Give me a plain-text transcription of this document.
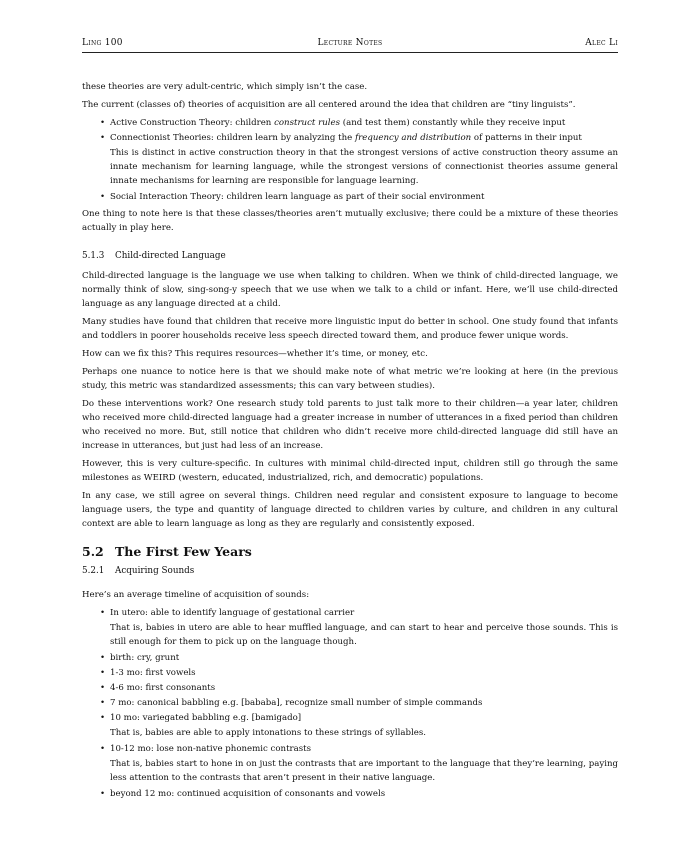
Ling 100	Lecture Notes	Alec Li

these theories are very adult-centric, which simply isn’t the case.

The current (classes of) theories of acquisition are all centered around the idea that children are “tiny linguists”.

• Active Construction Theory: children construct rules (and test them) constantly while they receive input
• Connectionist Theories: children learn by analyzing the frequency and distribution of patterns in their input
This is distinct in active construction theory in that the strongest versions of active construction theory assume an innate mechanism for learning language, while the strongest versions of connectionist theories assume general innate mechanisms for learning are responsible for language learning.
• Social Interaction Theory: children learn language as part of their social environment

One thing to note here is that these classes/theories aren’t mutually exclusive; there could be a mixture of these theories actually in play here.

5.1.3 Child-directed Language

Child-directed language is the language we use when talking to children. When we think of child-directed language, we normally think of slow, sing-song-y speech that we use when we talk to a child or infant. Here, we’ll use child-directed language as any language directed at a child.

Many studies have found that children that receive more linguistic input do better in school. One study found that infants and toddlers in poorer households receive less speech directed toward them, and produce fewer unique words.

How can we fix this? This requires resources—whether it’s time, or money, etc.

Perhaps one nuance to notice here is that we should make note of what metric we’re looking at here (in the previous study, this metric was standardized assessments; this can vary between studies).

Do these interventions work? One research study told parents to just talk more to their children—a year later, children who received more child-directed language had a greater increase in number of utterances in a fixed period than children who received no more. But, still notice that children who didn’t receive more child-directed language did still have an increase in utterances, but just had less of an increase.

However, this is very culture-specific. In cultures with minimal child-directed input, children still go through the same milestones as WEIRD (western, educated, industrialized, rich, and democratic) populations.

In any case, we still agree on several things. Children need regular and consistent exposure to language to become language users, the type and quantity of language directed to children varies by culture, and children in any cultural context are able to learn language as long as they are regularly and consistently exposed.

5.2 The First Few Years
5.2.1 Acquiring Sounds

Here’s an average timeline of acquisition of sounds:

• In utero: able to identify language of gestational carrier
That is, babies in utero are able to hear muffled language, and can start to hear and perceive those sounds. This is still enough for them to pick up on the language though.
• birth: cry, grunt
• 1-3 mo: first vowels
• 4-6 mo: first consonants
• 7 mo: canonical babbling e.g. [bababa], recognize small number of simple commands
• 10 mo: variegated babbling e.g. [bamigado]
That is, babies are able to apply intonations to these strings of syllables.
• 10-12 mo: lose non-native phonemic contrasts
That is, babies start to hone in on just the contrasts that are important to the language that they’re learning, paying less attention to the contrasts that aren’t present in their native language.
• beyond 12 mo: continued acquisition of consonants and vowels
